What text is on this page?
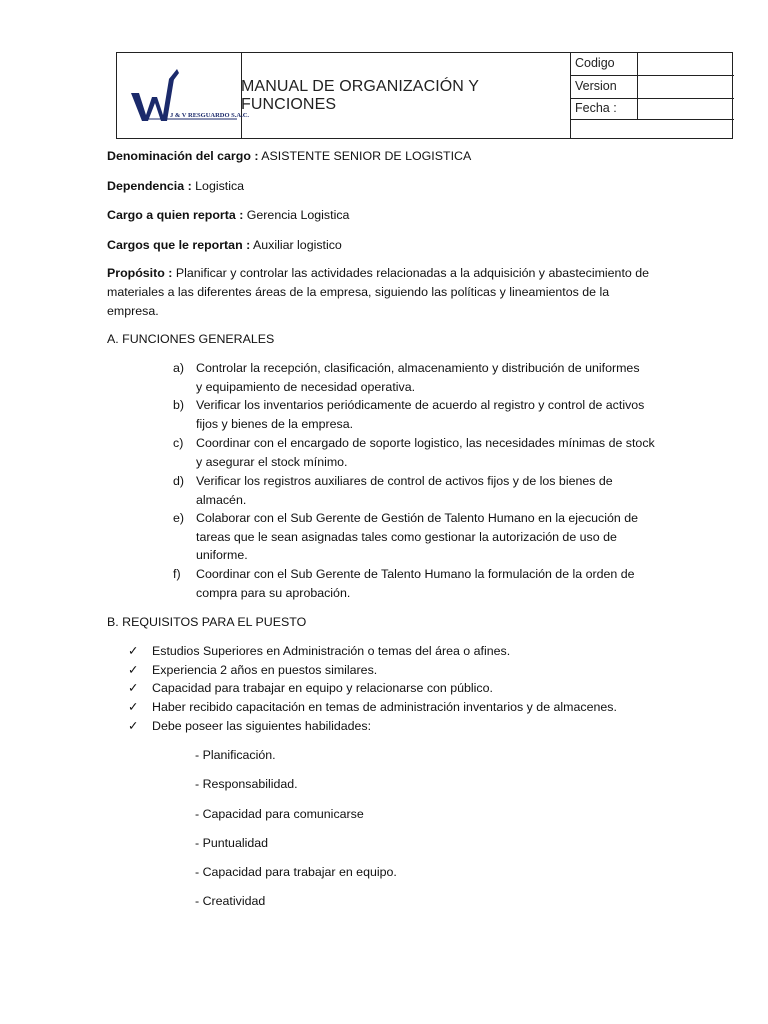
J & V RESGUARDO S.A.C.
MANUAL DE ORGANIZACIÓN Y FUNCIONES
Codigo
Version
Fecha :
Denominación del cargo : ASISTENTE SENIOR DE LOGISTICA
Dependencia : Logistica
Cargo a quien reporta : Gerencia Logistica
Cargos que le reportan : Auxiliar logistico
Propósito : Planificar y controlar las actividades relacionadas a la adquisición y abastecimiento de
materiales a las diferentes áreas de la empresa, siguiendo las políticas y lineamientos de la
empresa.
A. FUNCIONES GENERALES
a) Controlar la recepción, clasificación, almacenamiento y distribución de uniformes
y equipamiento de necesidad operativa.
b) Verificar los inventarios periódicamente de acuerdo al registro y control de activos
fijos y bienes de la empresa.
c)	Coordinar con el encargado de soporte logistico, las necesidades mínimas de stock
y asegurar el stock mínimo.
d) Verificar los registros auxiliares de control de activos fijos y de los bienes de
almacén.
e) Colaborar con el Sub Gerente de Gestión de Talento Humano en la ejecución de
tareas que le sean asignadas tales como gestionar la autorización de uso de
uniforme.
f)	Coordinar con el Sub Gerente de Talento Humano la formulación de la orden de
compra para su aprobación.
B. REQUISITOS PARA EL PUESTO
✓ Estudios Superiores en Administración o temas del área o afines.
✓ Experiencia 2 años en puestos similares.
✓ Capacidad para trabajar en equipo y relacionarse con público.
✓ Haber recibido capacitación en temas de administración inventarios y de almacenes.
✓ Debe poseer las siguientes habilidades:
- Planificación.
- Responsabilidad.
- Capacidad para comunicarse
- Puntualidad
- Capacidad para trabajar en equipo.
- Creatividad
